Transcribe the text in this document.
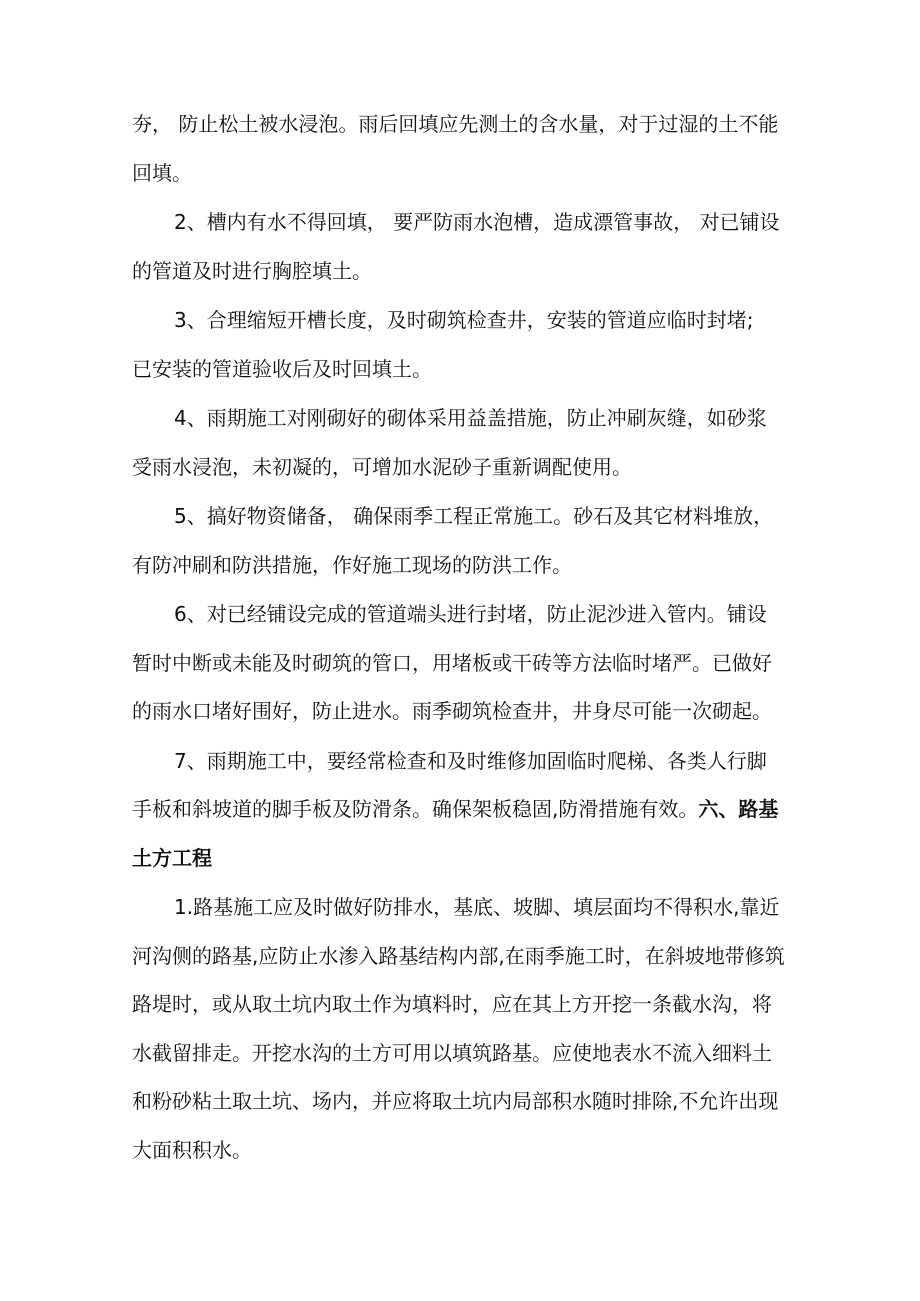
夯， 防止松土被水浸泡。雨后回填应先测土的含水量，对于过湿的土不能
回填。

2、槽内有水不得回填， 要严防雨水泡槽，造成漂管事故， 对已铺设
的管道及时进行胸腔填土。

3、合理缩短开槽长度，及时砌筑检查井，安装的管道应临时封堵;
已安装的管道验收后及时回填土。

4、雨期施工对刚砌好的砌体采用益盖措施，防止冲刷灰缝，如砂浆
受雨水浸泡，未初凝的，可增加水泥砂子重新调配使用。

5、搞好物资储备， 确保雨季工程正常施工。砂石及其它材料堆放，
有防冲刷和防洪措施，作好施工现场的防洪工作。

6、对已经铺设完成的管道端头进行封堵，防止泥沙进入管内。铺设
暂时中断或未能及时砌筑的管口，用堵板或干砖等方法临时堵严。已做好
的雨水口堵好围好，防止进水。雨季砌筑检查井，井身尽可能一次砌起。

7、雨期施工中，要经常检查和及时维修加固临时爬梯、各类人行脚
手板和斜坡道的脚手板及防滑条。确保架板稳固,防滑措施有效。六、路基
土方工程

1.路基施工应及时做好防排水，基底、坡脚、填层面均不得积水,靠近
河沟侧的路基,应防止水渗入路基结构内部,在雨季施工时，在斜坡地带修筑
路堤时，或从取土坑内取土作为填料时，应在其上方开挖一条截水沟，将
水截留排走。开挖水沟的土方可用以填筑路基。应使地表水不流入细料土
和粉砂粘土取土坑、场内，并应将取土坑内局部积水随时排除,不允许出现
大面积积水。
